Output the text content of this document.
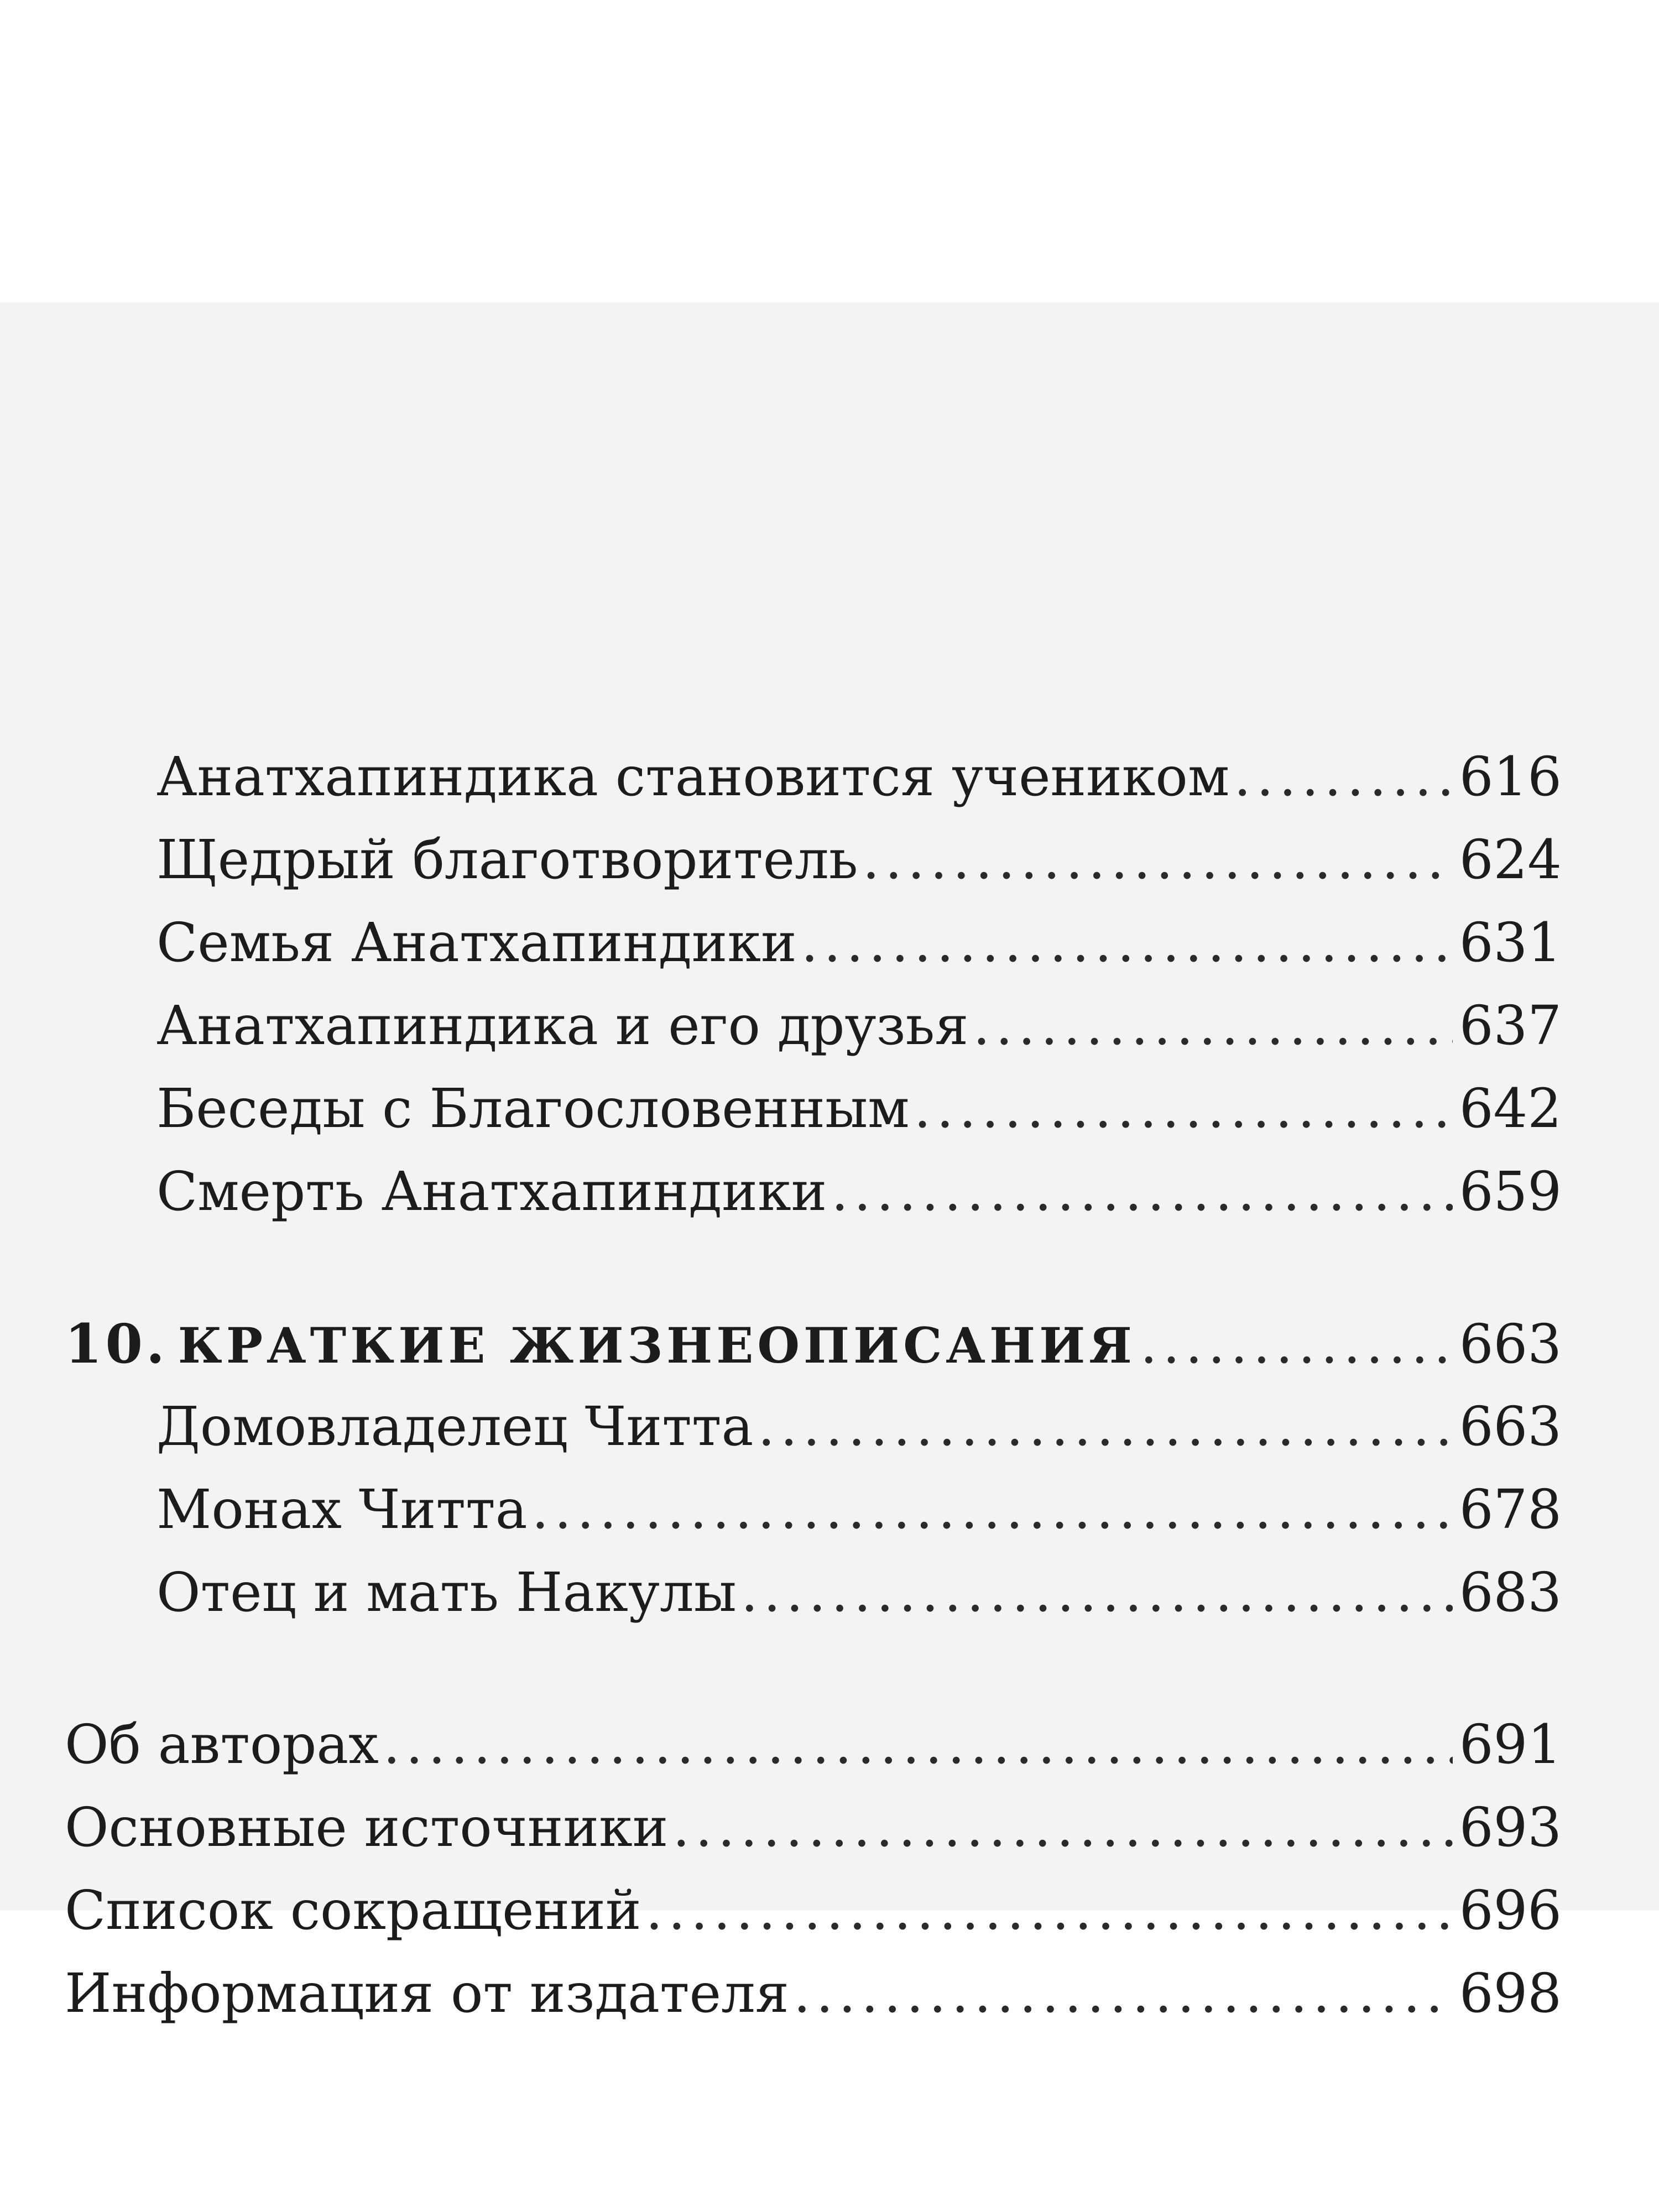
Анатхапиндика становится учеником .....	616
Щедрый благотворитель .....	624
Семья Анатхапиндики .....	631
Анатхапиндика и его друзья .....	637
Беседы с Благословенным .....	642
Смерть Анатхапиндики .....	659
10. КРАТКИЕ ЖИЗНЕОПИСАНИЯ .....	663
Домовладелец Читта .....	663
Монах Читта .....	678
Отец и мать Накулы .....	683
Об авторах .....	691
Основные источники .....	693
Список сокращений .....	696
Информация от издателя .....	698
